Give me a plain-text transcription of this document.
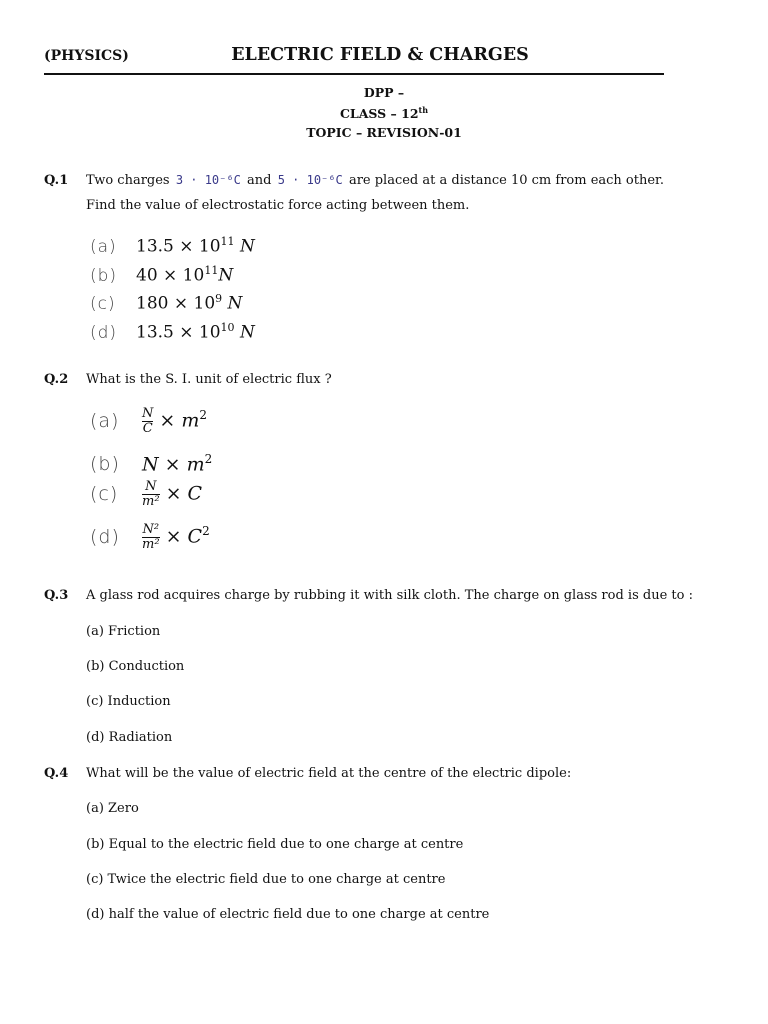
(PHYSICS)	ELECTRIC FIELD & CHARGES
DPP –
CLASS – 12th
TOPIC – REVISION-01
Q.1 Two charges 3 · 10⁻⁶C and 5 · 10⁻⁶C are placed at a distance 10 cm from each other.
Find the value of electrostatic force acting between them.
(a) $13.5 \times 10^{11}$ N
(b) $40 \times 10^{11}N$
(c) $180 \times 10^9$ N
(d) $13.5 \times 10^{10}$ N
Q.2 What is the S. I. unit of electric flux ?
$(a) \frac{N}{C} \times m^2$
(b) $N \times m^2$
$(c) \frac{N}{\text{m²}} \times C$
$(d) \frac{\text{N²}}{\text{m²}} \times C^2$
Q.3 A glass rod acquires charge by rubbing it with silk cloth. The charge on glass rod is due to :
(a) Friction
(b) Conduction
(c) Induction
(d) Radiation
Q.4 What will be the value of electric field at the centre of the electric dipole:
(a) Zero
(b) Equal to the electric field due to one charge at centre
(c) Twice the electric field due to one charge at centre
(d) half the value of electric field due to one charge at centre
